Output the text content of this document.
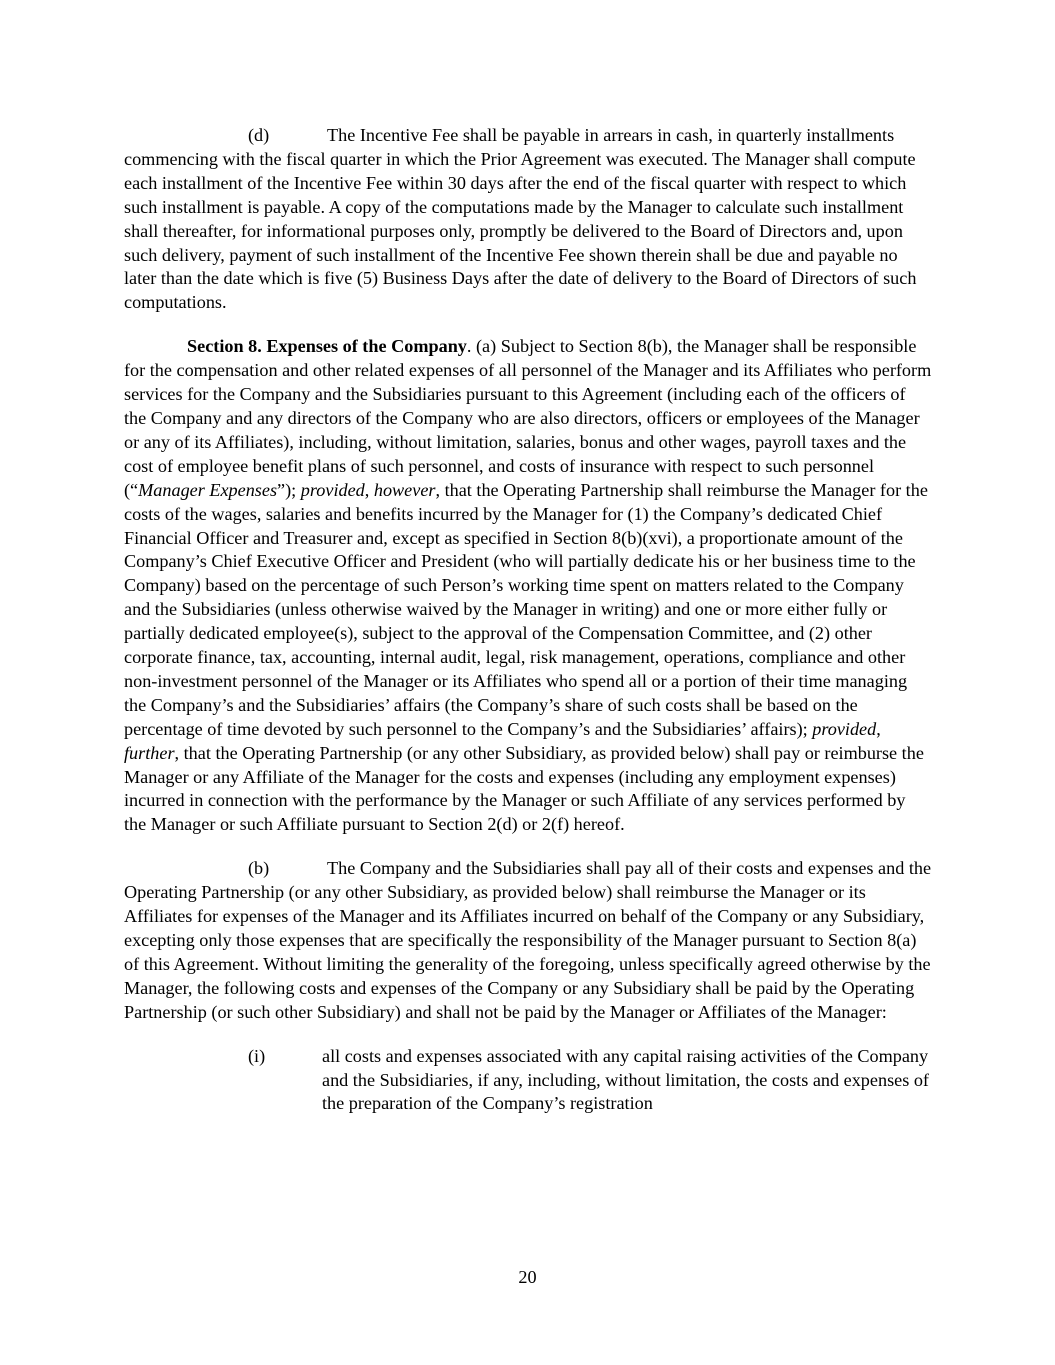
(d)	The Incentive Fee shall be payable in arrears in cash, in quarterly installments commencing with the fiscal quarter in which the Prior Agreement was executed. The Manager shall compute each installment of the Incentive Fee within 30 days after the end of the fiscal quarter with respect to which such installment is payable. A copy of the computations made by the Manager to calculate such installment shall thereafter, for informational purposes only, promptly be delivered to the Board of Directors and, upon such delivery, payment of such installment of the Incentive Fee shown therein shall be due and payable no later than the date which is five (5) Business Days after the date of delivery to the Board of Directors of such computations.

Section 8. Expenses of the Company. (a) Subject to Section 8(b), the Manager shall be responsible for the compensation and other related expenses of all personnel of the Manager and its Affiliates who perform services for the Company and the Subsidiaries pursuant to this Agreement (including each of the officers of the Company and any directors of the Company who are also directors, officers or employees of the Manager or any of its Affiliates), including, without limitation, salaries, bonus and other wages, payroll taxes and the cost of employee benefit plans of such personnel, and costs of insurance with respect to such personnel (“Manager Expenses”); provided, however, that the Operating Partnership shall reimburse the Manager for the costs of the wages, salaries and benefits incurred by the Manager for (1) the Company’s dedicated Chief Financial Officer and Treasurer and, except as specified in Section 8(b)(xvi), a proportionate amount of the Company’s Chief Executive Officer and President (who will partially dedicate his or her business time to the Company) based on the percentage of such Person’s working time spent on matters related to the Company and the Subsidiaries (unless otherwise waived by the Manager in writing) and one or more either fully or partially dedicated employee(s), subject to the approval of the Compensation Committee, and (2) other corporate finance, tax, accounting, internal audit, legal, risk management, operations, compliance and other non-investment personnel of the Manager or its Affiliates who spend all or a portion of their time managing the Company’s and the Subsidiaries’ affairs (the Company’s share of such costs shall be based on the percentage of time devoted by such personnel to the Company’s and the Subsidiaries’ affairs); provided, further, that the Operating Partnership (or any other Subsidiary, as provided below) shall pay or reimburse the Manager or any Affiliate of the Manager for the costs and expenses (including any employment expenses) incurred in connection with the performance by the Manager or such Affiliate of any services performed by the Manager or such Affiliate pursuant to Section 2(d) or 2(f) hereof.

(b)	The Company and the Subsidiaries shall pay all of their costs and expenses and the Operating Partnership (or any other Subsidiary, as provided below) shall reimburse the Manager or its Affiliates for expenses of the Manager and its Affiliates incurred on behalf of the Company or any Subsidiary, excepting only those expenses that are specifically the responsibility of the Manager pursuant to Section 8(a) of this Agreement. Without limiting the generality of the foregoing, unless specifically agreed otherwise by the Manager, the following costs and expenses of the Company or any Subsidiary shall be paid by the Operating Partnership (or such other Subsidiary) and shall not be paid by the Manager or Affiliates of the Manager:

(i)	all costs and expenses associated with any capital raising activities of the Company and the Subsidiaries, if any, including, without limitation, the costs and expenses of the preparation of the Company’s registration

20
